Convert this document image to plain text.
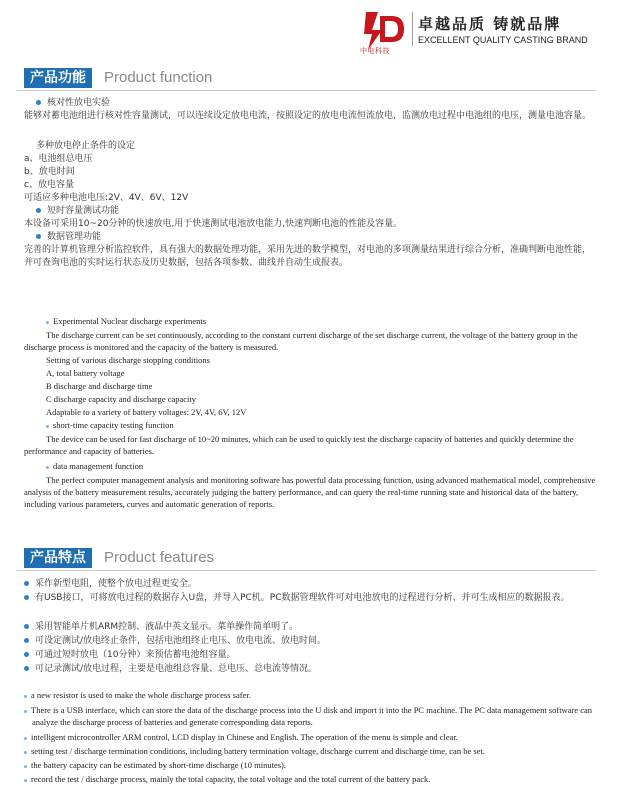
中电科技
卓越品质 铸就品牌
EXCELLENT QUALITY CASTING BRAND
产品功能	Product function
核对性放电实验
能够对蓄电池组进行核对性容量测试，可以连续设定放电电流，按照设定的放电电流恒流放电，监测放电过程中电池组的电压，测量电池容量。
多种放电停止条件的设定
a、电池组总电压
b、放电时间
c、放电容量
可适应多种电池电压:2V、4V、6V、12V
短时容量测试功能
本设备可采用10~20分钟的快速放电,用于快速测试电池放电能力,快速判断电池的性能及容量。
数据管理功能
完善的计算机管理分析监控软件，具有强大的数据处理功能，采用先进的数学模型，对电池的多项测量结果进行综合分析，准确判断电池性能，并可查询电池的实时运行状态及历史数据，包括各项参数、曲线并自动生成报表。
Experimental Nuclear discharge experiments
The discharge current can be set continuously, according to the constant current discharge of the set discharge current, the voltage of the battery group in the discharge process is monitored and the capacity of the battery is measured.
Setting of various discharge stopping conditions
A, total battery voltage
B discharge and discharge time
C discharge capacity and discharge capacity
Adaptable to a variety of battery voltages: 2V, 4V, 6V, 12V
short-time capacity testing function
The device can be used for fast discharge of 10~20 minutes, which can be used to quickly test the discharge capacity of batteries and quickly determine the performance and capacity of batteries.
data management function
The perfect computer management analysis and monitoring software has powerful data processing function, using advanced mathematical model, comprehensive analysis of the battery measurement results, accurately judging the battery performance, and can query the real-time running state and historical data of the battery, including various parameters, curves and automatic generation of reports.
产品特点	Product features
采作新型电阻，使整个放电过程更安全。
有USB接口，可将放电过程的数据存入U盘，并导入PC机。PC数据管理软件可对电池放电的过程进行分析、并可生成相应的数据报表。
采用智能单片机ARM控制、液晶中英文显示。菜单操作简单明了。
可设定测试/放电终止条件，包括电池组终止电压、放电电流、放电时间。
可通过短时放电（10分钟）来预估蓄电池组容量。
可记录测试/放电过程，主要是电池组总容量、总电压、总电流等情况。
a new resistor is used to make the whole discharge process safer.
There is a USB interface, which can store the data of the discharge process into the U disk and import it into the PC machine. The PC data management software can analyze the discharge process of batteries and generate corresponding data reports.
intelligent microcontroller ARM control, LCD display in Chinese and English. The operation of the menu is simple and clear.
setting test / discharge termination conditions, including battery termination voltage, discharge current and discharge time, can be set.
the battery capacity can be estimated by short-time discharge (10 minutes).
record the test / discharge process, mainly the total capacity, the total voltage and the total current of the battery pack.
